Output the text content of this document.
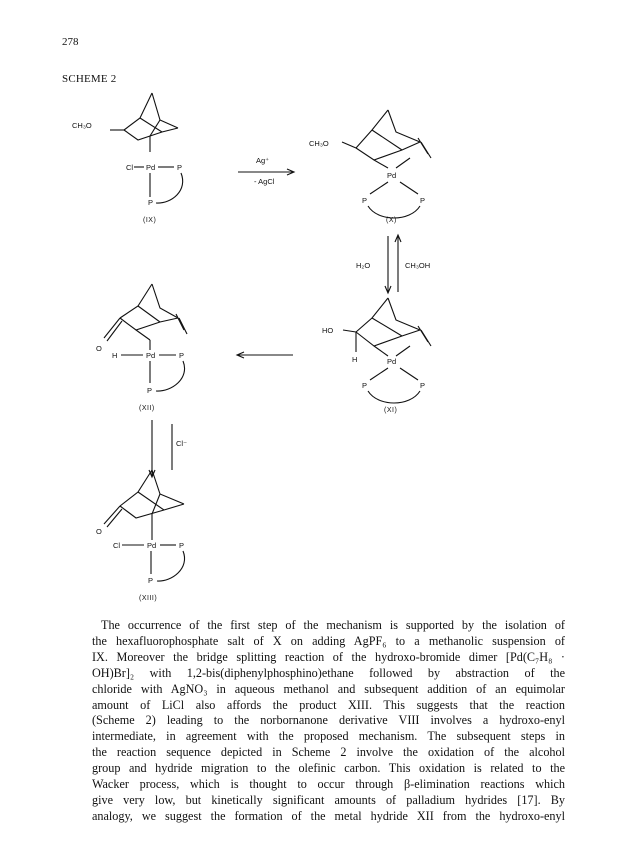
278
SCHEME 2
CH₃O
Cl Pd	P
P
(IX)
Ag⁺
- AgCl
CH₃O
Pd
P	P
(X)
H₂O	CH₃OH
HO
H	Pd
P	P
(XI)
O
H	Pd	P
P
(XII)
Cl⁻
O
Cl	Pd	P
P
(XIII)
The occurrence of the first step of the mechanism is supported by the isolation of
the hexafluorophosphate salt of X on adding AgPF₆ to a methanolic suspension of
IX. Moreover the bridge splitting reaction of the hydroxo-bromide dimer [Pd(C₇H₈ ·
OH)Br]₂ with 1,2-bis(diphenylphosphino)ethane followed by abstraction of the
chloride with AgNO₃ in aqueous methanol and subsequent addition of an equimolar
amount of LiCl also affords the product XIII. This suggests that the reaction
(Scheme 2) leading to the norbornanone derivative VIII involves a hydroxo-enyl
intermediate, in agreement with the proposed mechanism. The subsequent steps in
the reaction sequence depicted in Scheme 2 involve the oxidation of the alcohol
group and hydride migration to the olefinic carbon. This oxidation is related to the
Wacker process, which is thought to occur through β-elimination reactions which
give very low, but kinetically significant amounts of palladium hydrides [17]. By
analogy, we suggest the formation of the metal hydride XII from the hydroxo-enyl
